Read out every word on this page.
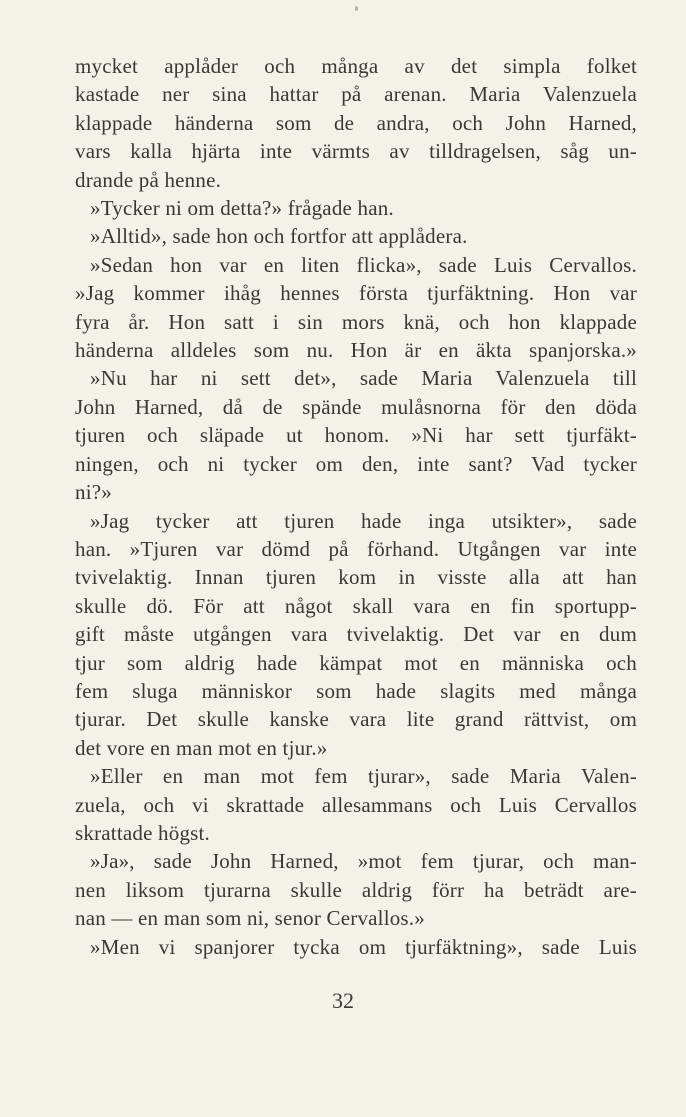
mycket applåder och många av det simpla folket
kastade ner sina hattar på arenan. Maria Valenzuela
klappade händerna som de andra, och John Harned,
vars kalla hjärta inte värmts av tilldragelsen, såg un-
drande på henne.
»Tycker ni om detta?» frågade han.
»Alltid», sade hon och fortfor att applådera.
»Sedan hon var en liten flicka», sade Luis Cervallos.
»Jag kommer ihåg hennes första tjurfäktning. Hon var
fyra år. Hon satt i sin mors knä, och hon klappade
händerna alldeles som nu. Hon är en äkta spanjorska.»
»Nu har ni sett det», sade Maria Valenzuela till
John Harned, då de spände mulåsnorna för den döda
tjuren och släpade ut honom. »Ni har sett tjurfäkt-
ningen, och ni tycker om den, inte sant? Vad tycker
ni?»
»Jag tycker att tjuren hade inga utsikter», sade
han. »Tjuren var dömd på förhand. Utgången var inte
tvivelaktig. Innan tjuren kom in visste alla att han
skulle dö. För att något skall vara en fin sportupp-
gift måste utgången vara tvivelaktig. Det var en dum
tjur som aldrig hade kämpat mot en människa och
fem sluga människor som hade slagits med många
tjurar. Det skulle kanske vara lite grand rättvist, om
det vore en man mot en tjur.»
»Eller en man mot fem tjurar», sade Maria Valen-
zuela, och vi skrattade allesammans och Luis Cervallos
skrattade högst.
»Ja», sade John Harned, »mot fem tjurar, och man-
nen liksom tjurarna skulle aldrig förr ha beträdt are-
nan — en man som ni, senor Cervallos.»
»Men vi spanjorer tycka om tjurfäktning», sade Luis
32
